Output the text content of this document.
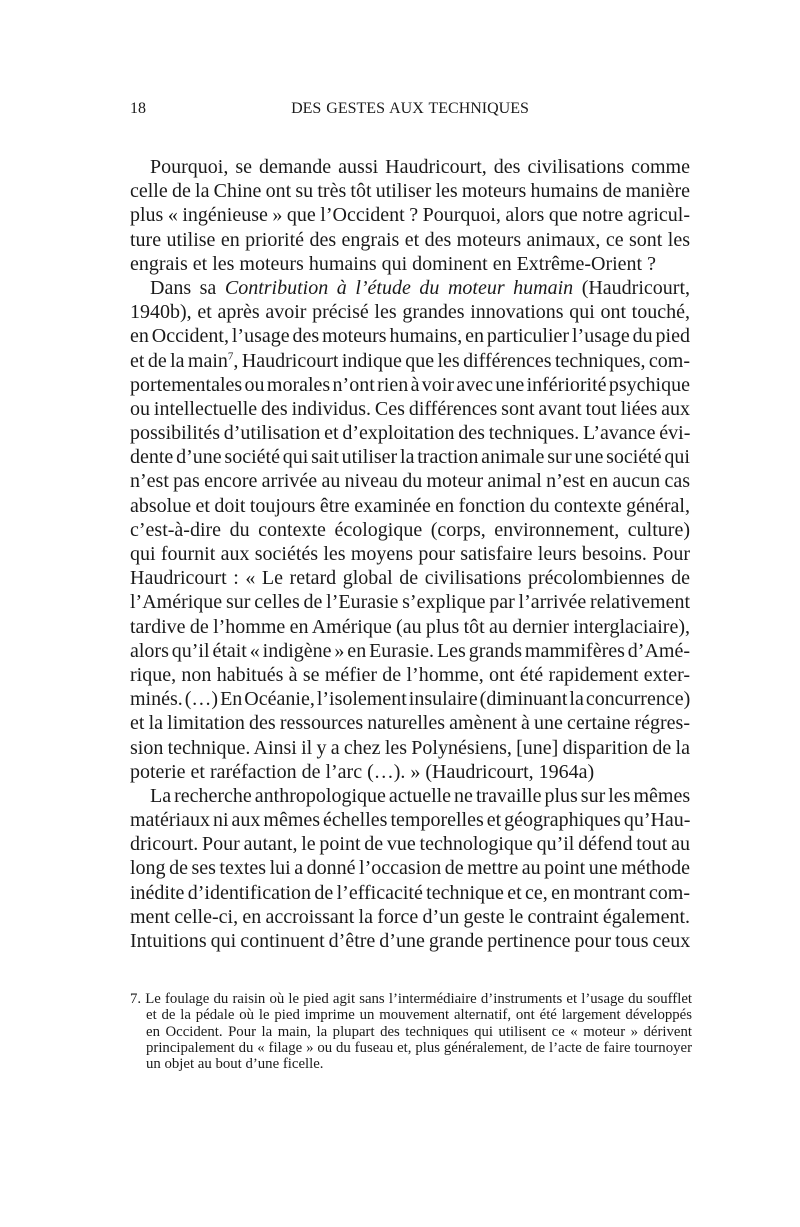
18	DES GESTES AUX TECHNIQUES
Pourquoi, se demande aussi Haudricourt, des civilisations comme
celle de la Chine ont su très tôt utiliser les moteurs humains de manière
plus « ingénieuse » que l’Occident ? Pourquoi, alors que notre agricul-
ture utilise en priorité des engrais et des moteurs animaux, ce sont les
engrais et les moteurs humains qui dominent en Extrême-Orient ?
Dans sa Contribution à l’étude du moteur humain (Haudricourt,
1940b), et après avoir précisé les grandes innovations qui ont touché,
en Occident, l’usage des moteurs humains, en particulier l’usage du pied
et de la main$^7$, Haudricourt indique que les différences techniques, com-
portementales ou morales n’ont rien à voir avec une infériorité psychique
ou intellectuelle des individus. Ces différences sont avant tout liées aux
possibilités d’utilisation et d’exploitation des techniques. L’avance évi-
dente d’une société qui sait utiliser la traction animale sur une société qui
n’est pas encore arrivée au niveau du moteur animal n’est en aucun cas
absolue et doit toujours être examinée en fonction du contexte général,
c’est-à-dire du contexte écologique (corps, environnement, culture)
qui fournit aux sociétés les moyens pour satisfaire leurs besoins. Pour
Haudricourt : « Le retard global de civilisations précolombiennes de
l’Amérique sur celles de l’Eurasie s’explique par l’arrivée relativement
tardive de l’homme en Amérique (au plus tôt au dernier interglaciaire),
alors qu’il était « indigène » en Eurasie. Les grands mammifères d’Amé-
rique, non habitués à se méfier de l’homme, ont été rapidement exter-
minés. (…) En Océanie, l’isolement insulaire (diminuant la concurrence)
et la limitation des ressources naturelles amènent à une certaine régres-
sion technique. Ainsi il y a chez les Polynésiens, [une] disparition de la
poterie et raréfaction de l’arc (…). » (Haudricourt, 1964a)
La recherche anthropologique actuelle ne travaille plus sur les mêmes
matériaux ni aux mêmes échelles temporelles et géographiques qu’Hau-
dricourt. Pour autant, le point de vue technologique qu’il défend tout au
long de ses textes lui a donné l’occasion de mettre au point une méthode
inédite d’identification de l’efficacité technique et ce, en montrant com-
ment celle-ci, en accroissant la force d’un geste le contraint également.
Intuitions qui continuent d’être d’une grande pertinence pour tous ceux
7. Le foulage du raisin où le pied agit sans l’intermédiaire d’instruments et l’usage du soufflet
et de la pédale où le pied imprime un mouvement alternatif, ont été largement développés
en Occident. Pour la main, la plupart des techniques qui utilisent ce « moteur » dérivent
principalement du « filage » ou du fuseau et, plus généralement, de l’acte de faire tournoyer
un objet au bout d’une ficelle.
